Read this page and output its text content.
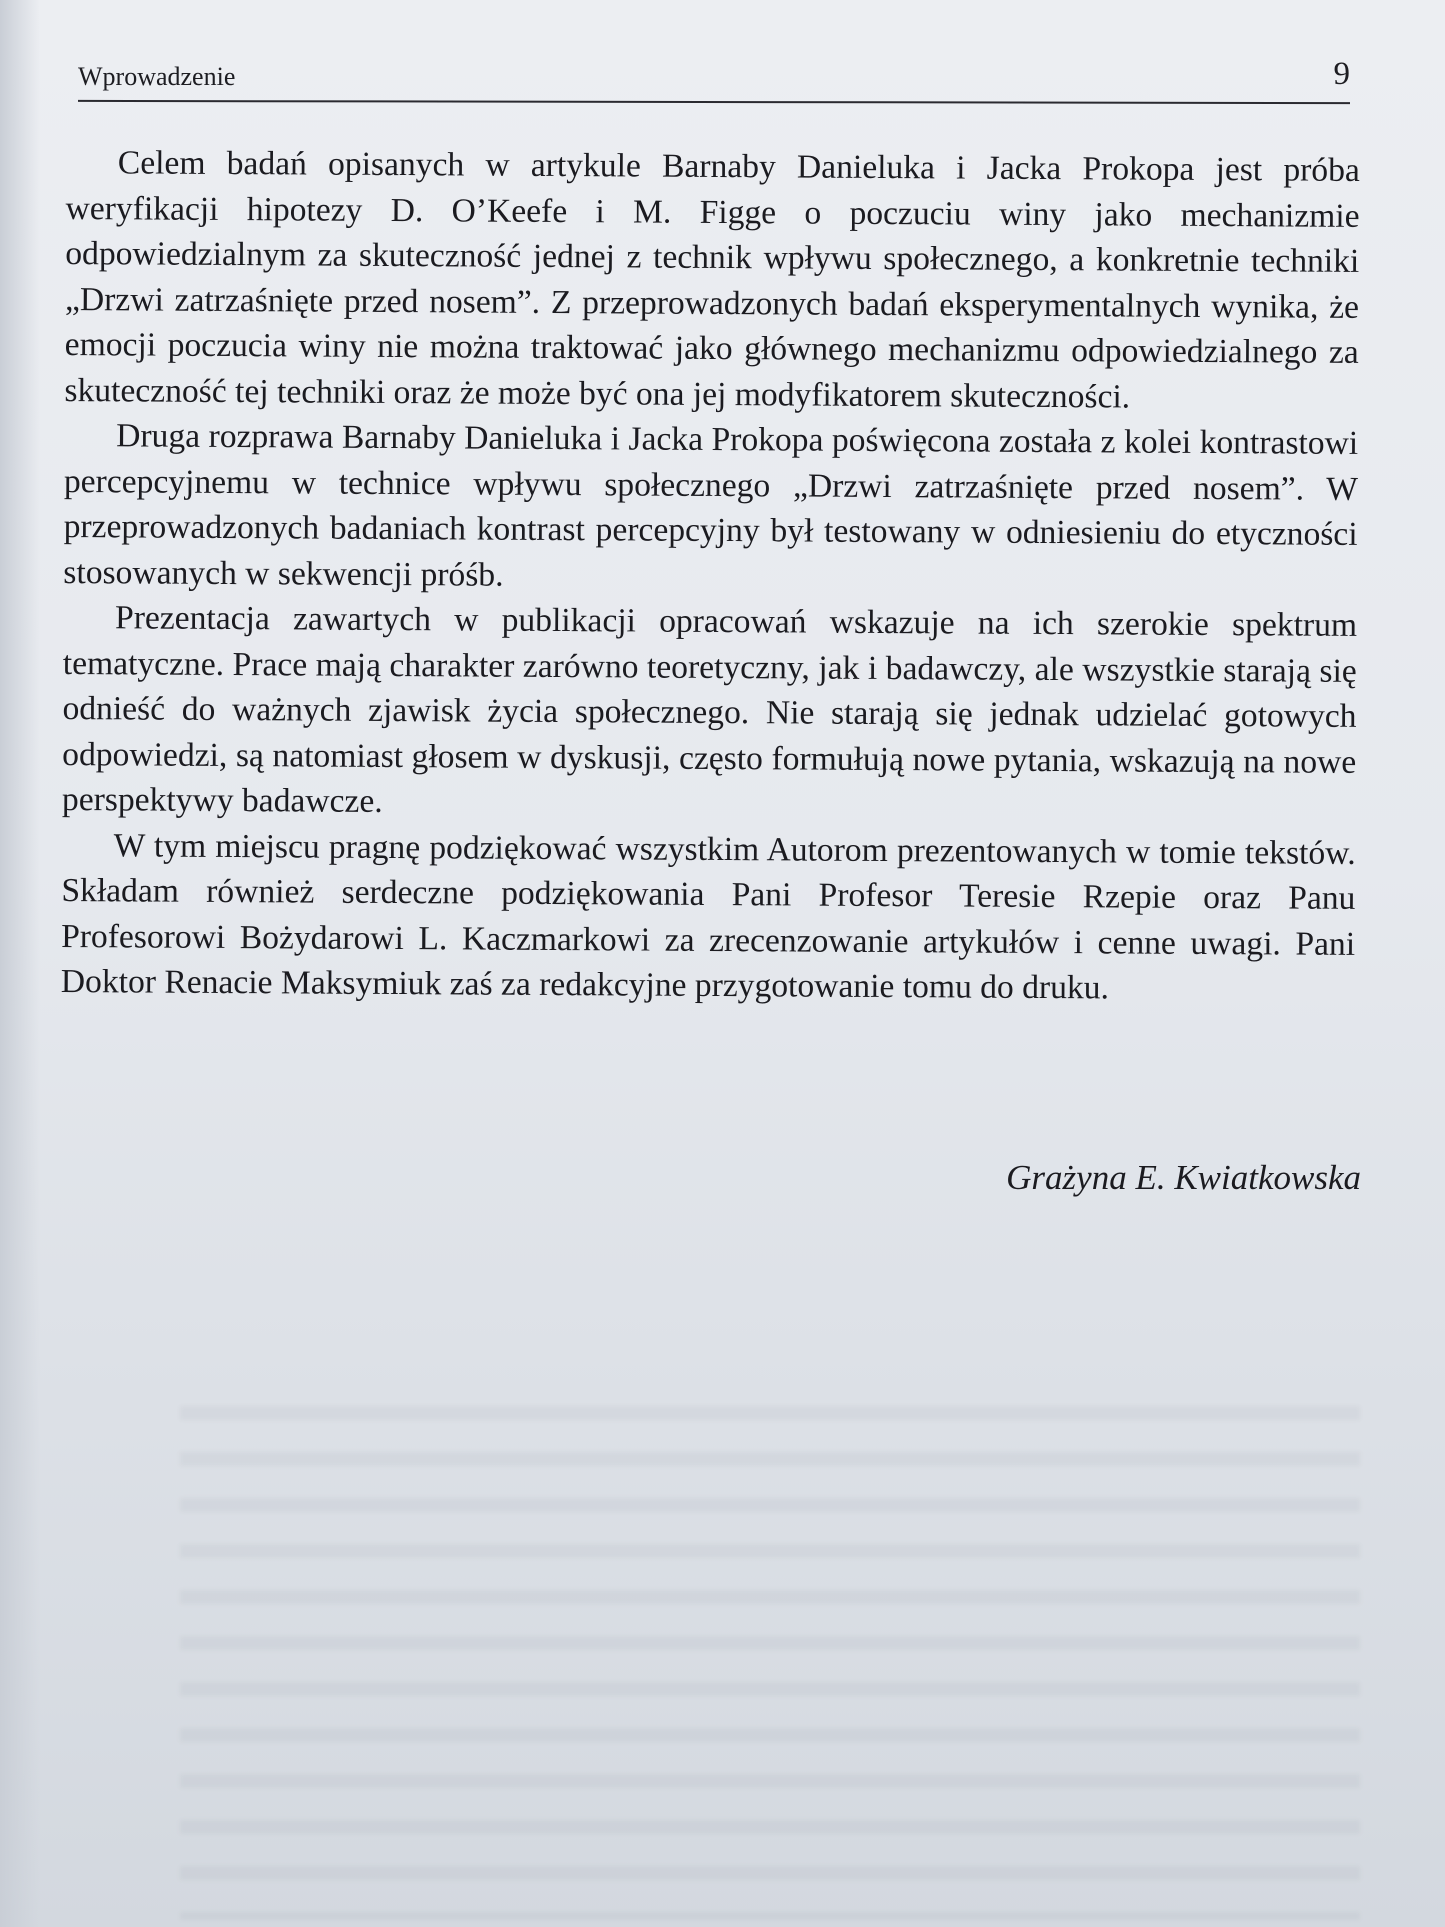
Wprowadzenie	9

Celem badań opisanych w artykule Barnaby Danieluka i Jacka Prokopa jest próba weryfikacji hipotezy D. O’Keefe i M. Figge o poczuciu winy jako mechanizmie odpowiedzialnym za skuteczność jednej z technik wpływu społecznego, a konkretnie techniki „Drzwi zatrzaśnięte przed nosem”. Z przeprowadzonych badań eksperymentalnych wynika, że emocji poczucia winy nie można traktować jako głównego mechanizmu odpowiedzialnego za skuteczność tej techniki oraz że może być ona jej modyfikatorem skuteczności.

Druga rozprawa Barnaby Danieluka i Jacka Prokopa poświęcona została z kolei kontrastowi percepcyjnemu w technice wpływu społecznego „Drzwi zatrzaśnięte przed nosem”. W przeprowadzonych badaniach kontrast percepcyjny był testowany w odniesieniu do etyczności stosowanych w sekwencji próśb.

Prezentacja zawartych w publikacji opracowań wskazuje na ich szerokie spektrum tematyczne. Prace mają charakter zarówno teoretyczny, jak i badawczy, ale wszystkie starają się odnieść do ważnych zjawisk życia społecznego. Nie starają się jednak udzielać gotowych odpowiedzi, są natomiast głosem w dyskusji, często formułują nowe pytania, wskazują na nowe perspektywy badawcze.

W tym miejscu pragnę podziękować wszystkim Autorom prezentowanych w tomie tekstów. Składam również serdeczne podziękowania Pani Profesor Teresie Rzepie oraz Panu Profesorowi Bożydarowi L. Kaczmarkowi za zrecenzowanie artykułów i cenne uwagi. Pani Doktor Renacie Maksymiuk zaś za redakcyjne przygotowanie tomu do druku.

Grażyna E. Kwiatkowska
